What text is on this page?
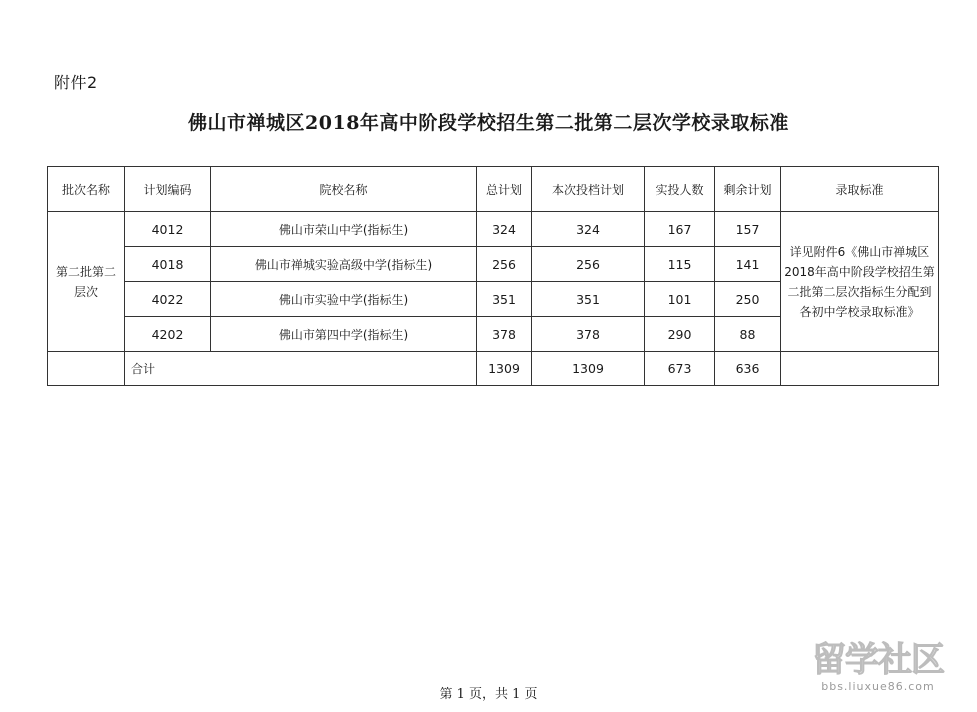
附件2
佛山市禅城区2018年高中阶段学校招生第二批第二层次学校录取标准
批次名称	计划编码	院校名称	总计划	本次投档计划	实投人数	剩余计划	录取标准
第二批第二层次	4012	佛山市荣山中学(指标生)	324	324	167	157	详见附件6《佛山市禅城区2018年高中阶段学校招生第二批第二层次指标生分配到各初中学校录取标准》
	4018	佛山市禅城实验高级中学(指标生)	256	256	115	141	
	4022	佛山市实验中学(指标生)	351	351	101	250	
	4202	佛山市第四中学(指标生)	378	378	290	88	
	合计		1309	1309	673	636	
第 1 页，共 1 页
留学社区
bbs.liuxue86.com
